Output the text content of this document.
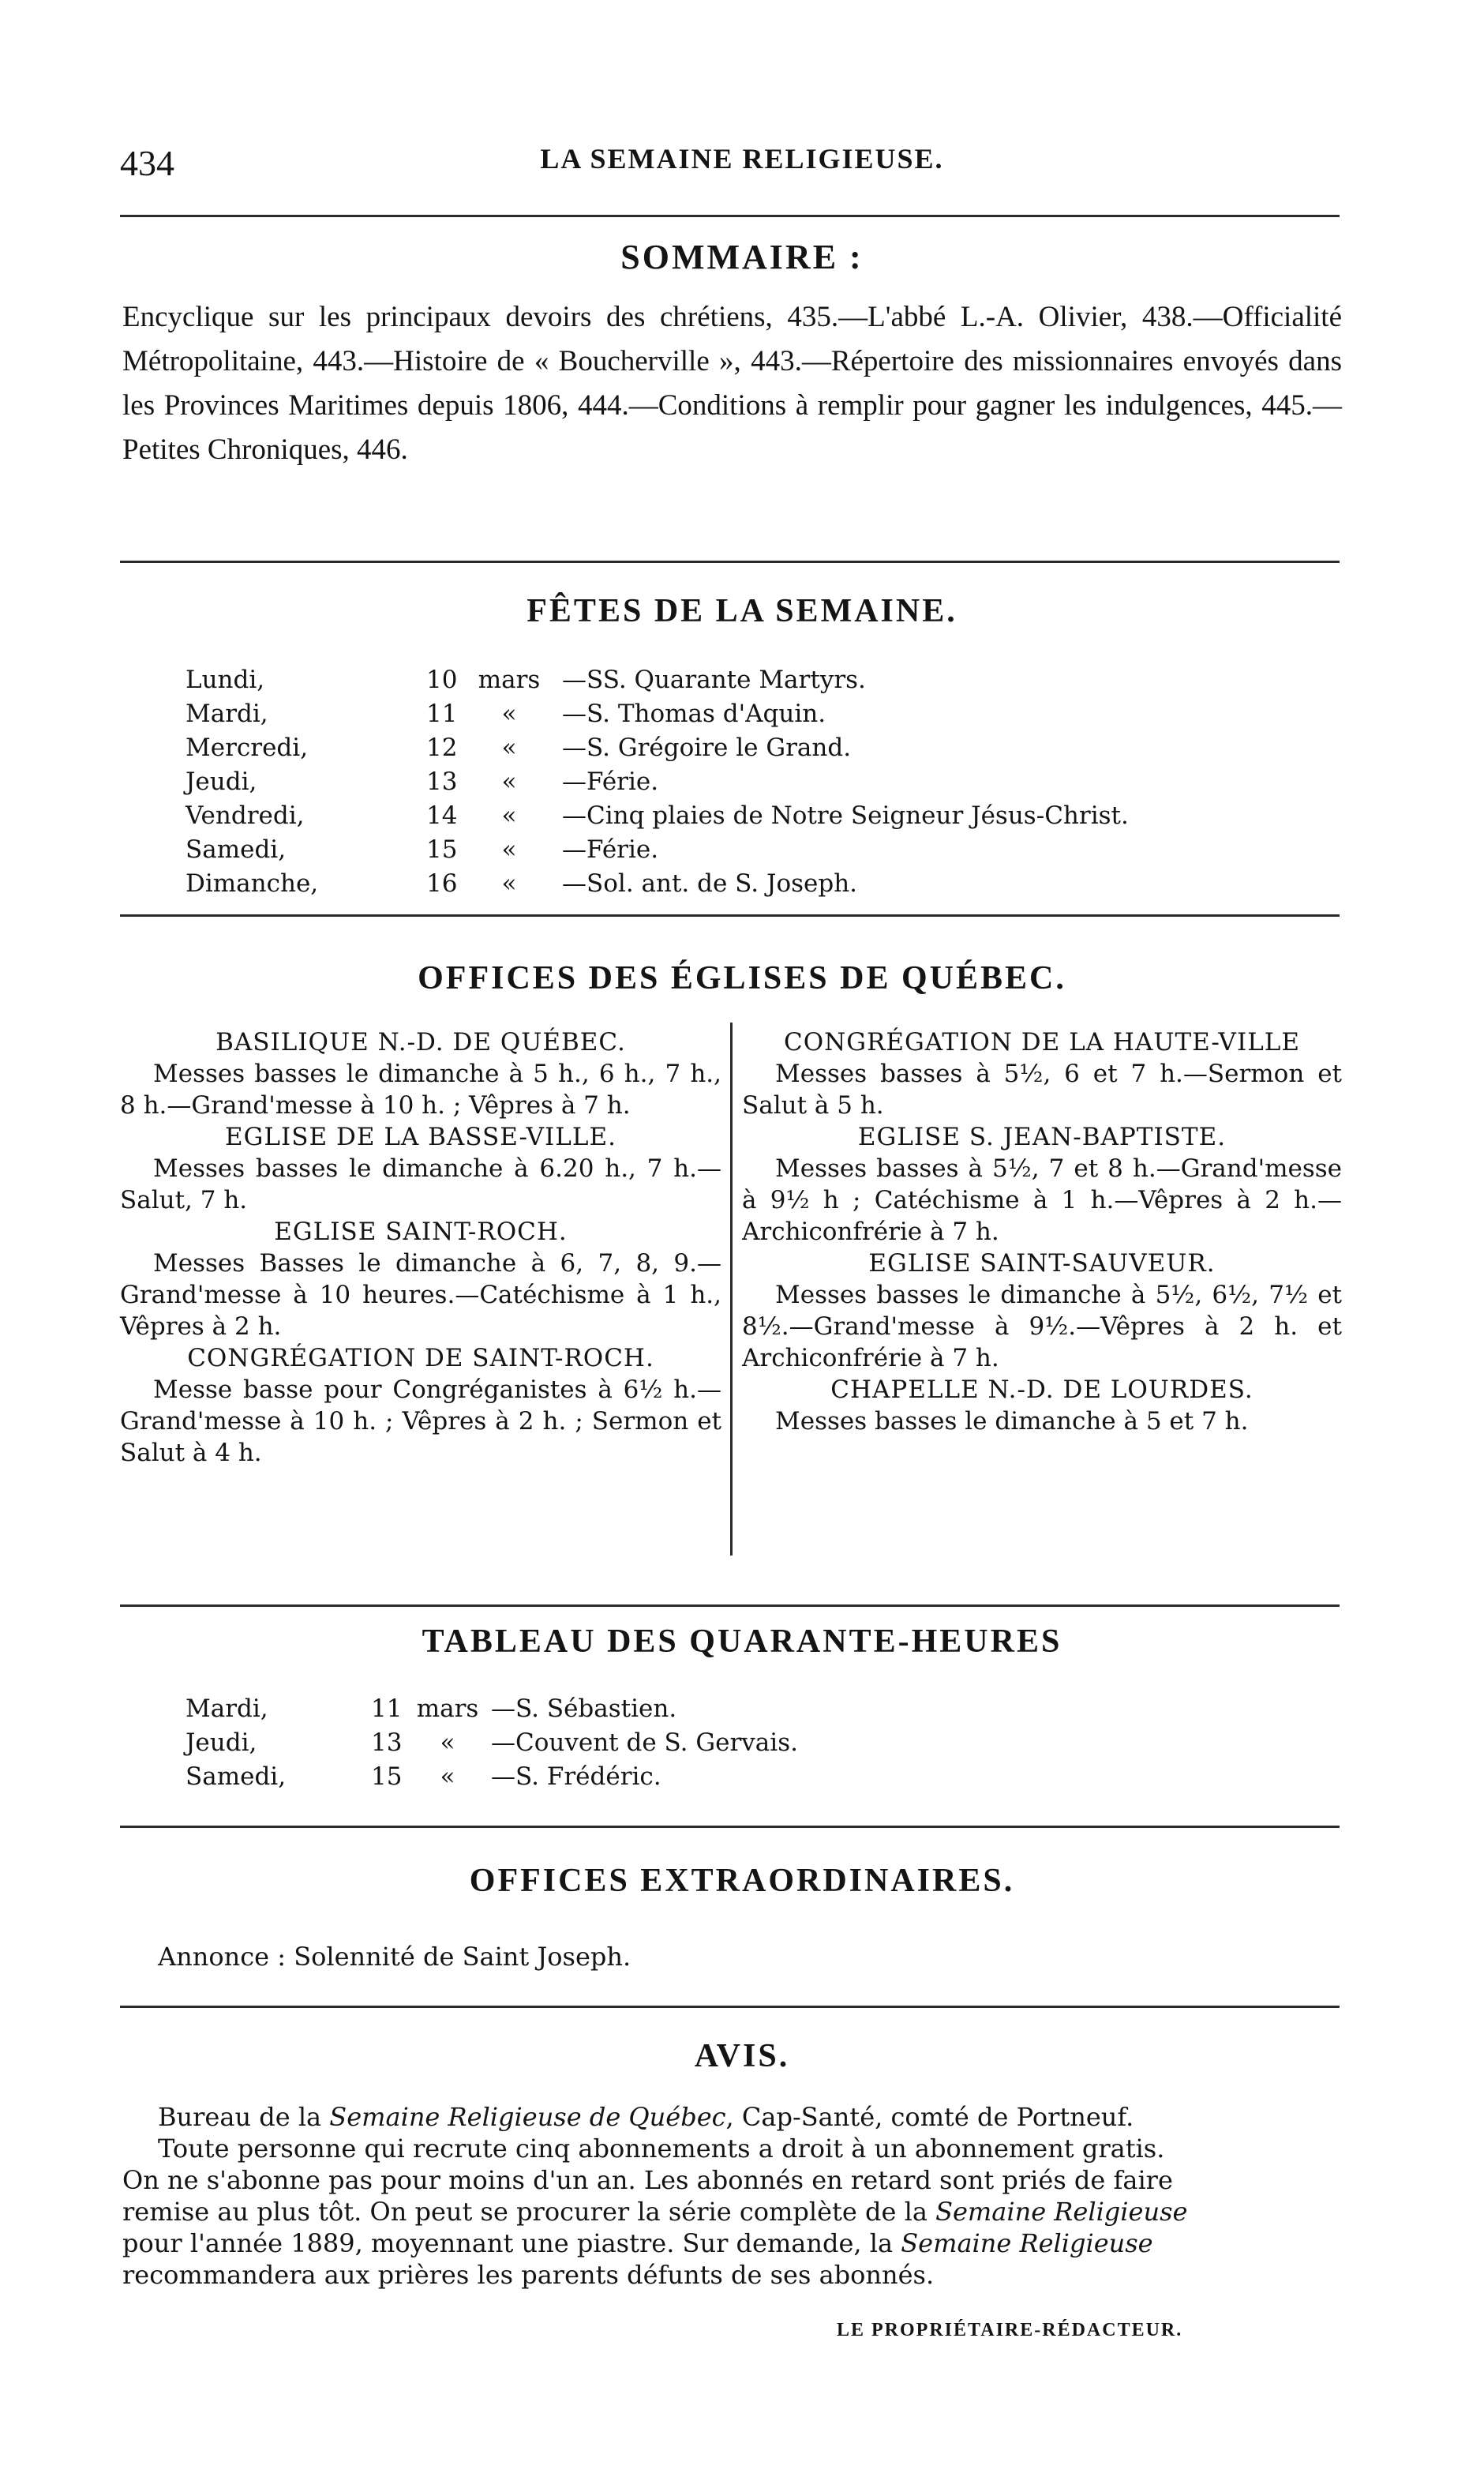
434	LA SEMAINE RELIGIEUSE.
SOMMAIRE :
Encyclique sur les principaux devoirs des chrétiens, 435.—L'abbé L.-A. Olivier, 438.—Officialité Métropolitaine, 443.—Histoire de « Boucherville », 443.—Répertoire des missionnaires envoyés dans les Provinces Maritimes depuis 1806, 444.—Conditions à remplir pour gagner les indulgences, 445.—Petites Chroniques, 446.
FÊTES DE LA SEMAINE.
Lundi,
Mardi,
Mercredi,
Jeudi,
Vendredi,
Samedi,
Dimanche,
10
11
12
13
14
15
16
mars
«
«
«
«
«
«
—SS. Quarante Martyrs.
—S. Thomas d'Aquin.
—S. Grégoire le Grand.
—Férie.
—Cinq plaies de Notre Seigneur Jésus-Christ.
—Férie.
—Sol. ant. de S. Joseph.
OFFICES DES ÉGLISES DE QUÉBEC.
BASILIQUE N.-D. DE QUÉBEC.
Messes basses le dimanche à 5 h., 6 h., 7 h., 8 h.—Grand'messe à 10 h. ; Vêpres à 7 h.
EGLISE DE LA BASSE-VILLE.
Messes basses le dimanche à 6.20 h., 7 h.—Salut, 7 h.
EGLISE SAINT-ROCH.
Messes Basses le dimanche à 6, 7, 8, 9.—Grand'messe à 10 heures.—Catéchisme à 1 h., Vêpres à 2 h.
CONGRÉGATION DE SAINT-ROCH.
Messe basse pour Congréganistes à 6½ h.—Grand'messe à 10 h. ; Vêpres à 2 h. ; Sermon et Salut à 4 h.
CONGRÉGATION DE LA HAUTE-VILLE
Messes basses à 5½, 6 et 7 h.—Sermon et Salut à 5 h.
EGLISE S. JEAN-BAPTISTE.
Messes basses à 5½, 7 et 8 h.—Grand'messe à 9½ h ; Catéchisme à 1 h.—Vêpres à 2 h.—Archiconfrérie à 7 h.
EGLISE SAINT-SAUVEUR.
Messes basses le dimanche à 5½, 6½, 7½ et 8½.—Grand'messe à 9½.—Vêpres à 2 h. et Archiconfrérie à 7 h.
CHAPELLE N.-D. DE LOURDES.
Messes basses le dimanche à 5 et 7 h.
TABLEAU DES QUARANTE-HEURES
Mardi,
Jeudi,
Samedi,
11
13
15
mars
«
«
—S. Sébastien.
—Couvent de S. Gervais.
—S. Frédéric.
OFFICES EXTRAORDINAIRES.
Annonce : Solennité de Saint Joseph.
AVIS.
Bureau de la Semaine Religieuse de Québec, Cap-Santé, comté de Portneuf.
Toute personne qui recrute cinq abonnements a droit à un abonnement gratis.
On ne s'abonne pas pour moins d'un an. Les abonnés en retard sont priés de faire
remise au plus tôt. On peut se procurer la série complète de la Semaine Religieuse
pour l'année 1889, moyennant une piastre. Sur demande, la Semaine Religieuse
recommandera aux prières les parents défunts de ses abonnés.
LE PROPRIÉTAIRE-RÉDACTEUR.
